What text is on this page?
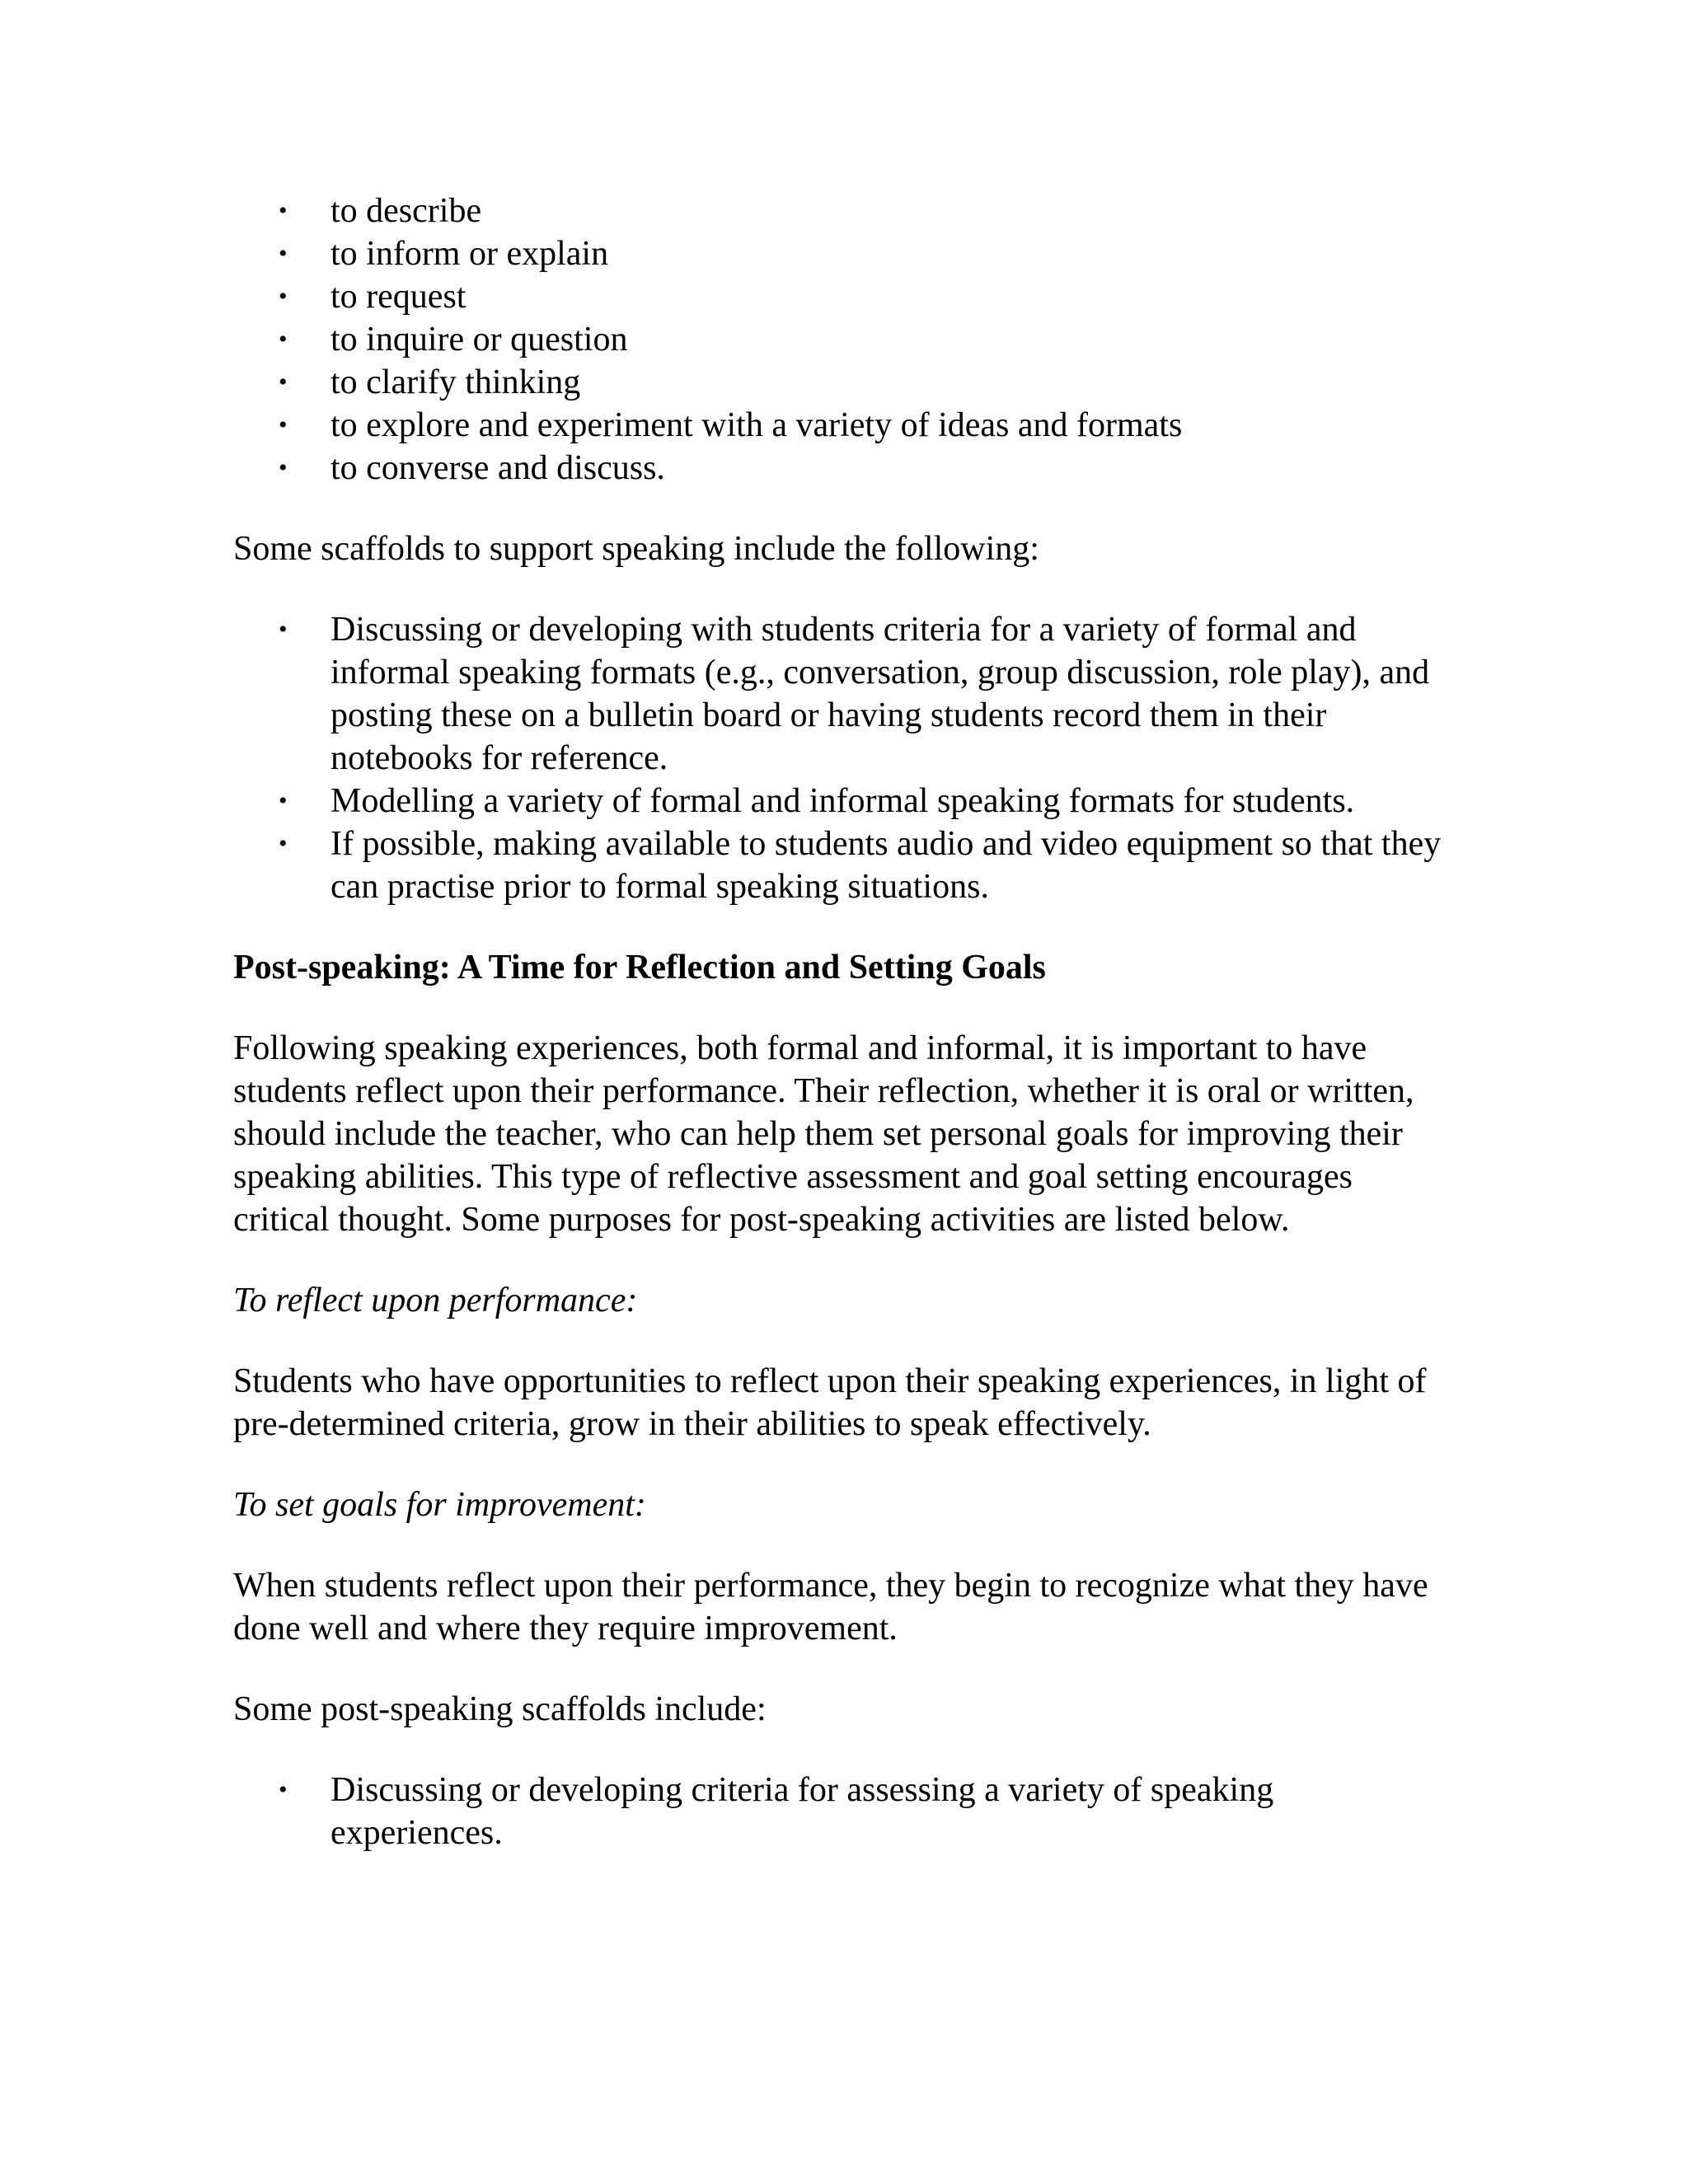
• to describe
• to inform or explain
• to request
• to inquire or question
• to clarify thinking
• to explore and experiment with a variety of ideas and formats
• to converse and discuss.

Some scaffolds to support speaking include the following:

• Discussing or developing with students criteria for a variety of formal and informal speaking formats (e.g., conversation, group discussion, role play), and posting these on a bulletin board or having students record them in their notebooks for reference.
• Modelling a variety of formal and informal speaking formats for students.
• If possible, making available to students audio and video equipment so that they can practise prior to formal speaking situations.

Post-speaking: A Time for Reflection and Setting Goals

Following speaking experiences, both formal and informal, it is important to have students reflect upon their performance. Their reflection, whether it is oral or written, should include the teacher, who can help them set personal goals for improving their speaking abilities. This type of reflective assessment and goal setting encourages critical thought. Some purposes for post-speaking activities are listed below.

To reflect upon performance:

Students who have opportunities to reflect upon their speaking experiences, in light of pre-determined criteria, grow in their abilities to speak effectively.

To set goals for improvement:

When students reflect upon their performance, they begin to recognize what they have done well and where they require improvement.

Some post-speaking scaffolds include:

• Discussing or developing criteria for assessing a variety of speaking experiences.
